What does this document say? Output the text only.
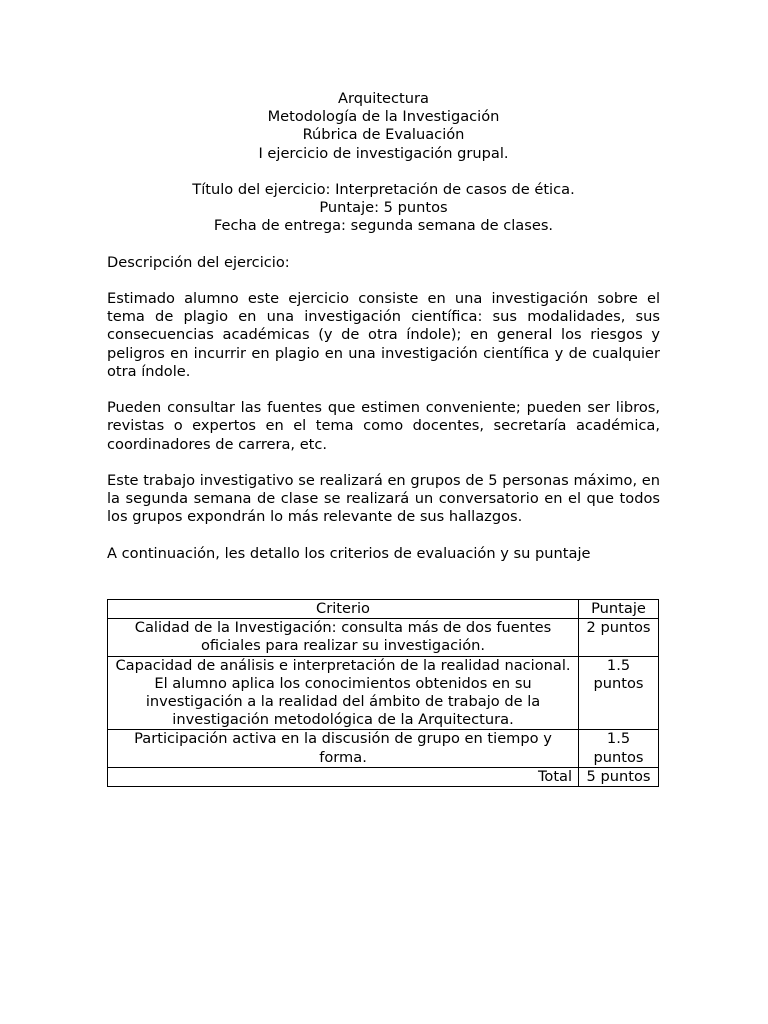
Arquitectura

Metodología de la Investigación

Rúbrica de Evaluación

I ejercicio de investigación grupal.

Título del ejercicio: Interpretación de casos de ética.

Puntaje: 5 puntos

Fecha de entrega: segunda semana de clases.

Descripción del ejercicio:

Estimado alumno este ejercicio consiste en una investigación sobre el tema de plagio en una investigación científica: sus modalidades, sus consecuencias académicas (y de otra índole); en general los riesgos y peligros en incurrir en plagio en una investigación científica y de cualquier otra índole.

Pueden consultar las fuentes que estimen conveniente; pueden ser libros, revistas o expertos en el tema como docentes, secretaría académica, coordinadores de carrera, etc.

Este trabajo investigativo se realizará en grupos de 5 personas máximo, en la segunda semana de clase se realizará un conversatorio en el que todos los grupos expondrán lo más relevante de sus hallazgos.

A continuación, les detallo los criterios de evaluación y su puntaje

Criterio	Puntaje
Calidad de la Investigación: consulta más de dos fuentes oficiales para realizar su investigación.	2 puntos
Capacidad de análisis e interpretación de la realidad nacional. El alumno aplica los conocimientos obtenidos en su investigación a la realidad del ámbito de trabajo de la investigación metodológica de la Arquitectura.	1.5 puntos
Participación activa en la discusión de grupo en tiempo y forma.	1.5 puntos
Total	5 puntos
